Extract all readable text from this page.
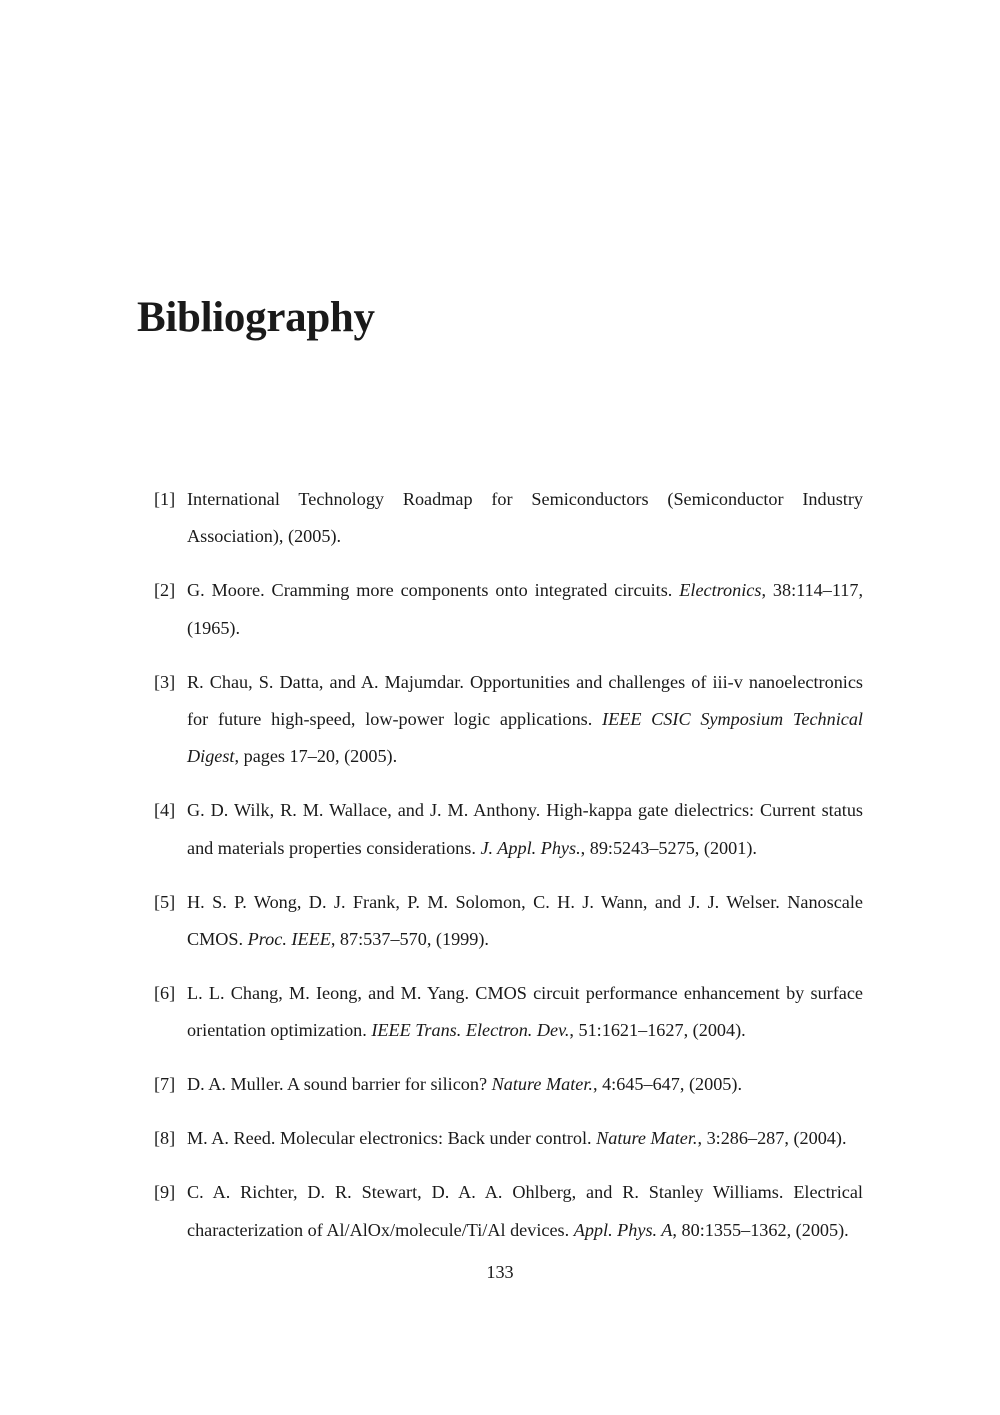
Bibliography
[1] International Technology Roadmap for Semiconductors (Semiconductor Industry Association), (2005).
[2] G. Moore. Cramming more components onto integrated circuits. Electronics, 38:114–117, (1965).
[3] R. Chau, S. Datta, and A. Majumdar. Opportunities and challenges of iii-v nanoelectronics for future high-speed, low-power logic applications. IEEE CSIC Symposium Technical Digest, pages 17–20, (2005).
[4] G. D. Wilk, R. M. Wallace, and J. M. Anthony. High-kappa gate dielectrics: Current status and materials properties considerations. J. Appl. Phys., 89:5243–5275, (2001).
[5] H. S. P. Wong, D. J. Frank, P. M. Solomon, C. H. J. Wann, and J. J. Welser. Nanoscale CMOS. Proc. IEEE, 87:537–570, (1999).
[6] L. L. Chang, M. Ieong, and M. Yang. CMOS circuit performance enhancement by surface orientation optimization. IEEE Trans. Electron. Dev., 51:1621–1627, (2004).
[7] D. A. Muller. A sound barrier for silicon? Nature Mater., 4:645–647, (2005).
[8] M. A. Reed. Molecular electronics: Back under control. Nature Mater., 3:286–287, (2004).
[9] C. A. Richter, D. R. Stewart, D. A. A. Ohlberg, and R. Stanley Williams. Electrical characterization of Al/AlOx/molecule/Ti/Al devices. Appl. Phys. A, 80:1355–1362, (2005).
133
